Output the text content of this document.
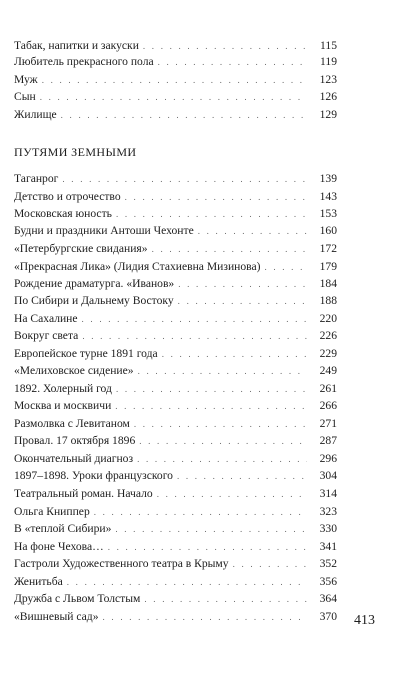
Табак, напитки и закуски . . .	115
Любитель прекрасного пола . . .	119
Муж . . .	123
Сын . . .	126
Жилище . . .	129
ПУТЯМИ ЗЕМНЫМИ
Таганрог . . .	139
Детство и отрочество . . .	143
Московская юность . . .	153
Будни и праздники Антоши Чехонте . . .	160
«Петербургские свидания» . . .	172
«Прекрасная Лика» (Лидия Стахиевна Мизинова) . . .	179
Рождение драматурга. «Иванов» . . .	184
По Сибири и Дальнему Востоку . . .	188
На Сахалине . . .	220
Вокруг света . . .	226
Европейское турне 1891 года . . .	229
«Мелиховское сидение» . . .	249
1892. Холерный год . . .	261
Москва и москвичи . . .	266
Размолвка с Левитаном . . .	271
Провал. 17 октября 1896 . . .	287
Окончательный диагноз . . .	296
1897–1898. Уроки французского . . .	304
Театральный роман. Начало . . .	314
Ольга Книппер . . .	323
В «теплой Сибири» . . .	330
На фоне Чехова… . . .	341
Гастроли Художественного театра в Крыму . . .	352
Женитьба . . .	356
Дружба с Львом Толстым . . .	364
«Вишневый сад» . . .	370 413
